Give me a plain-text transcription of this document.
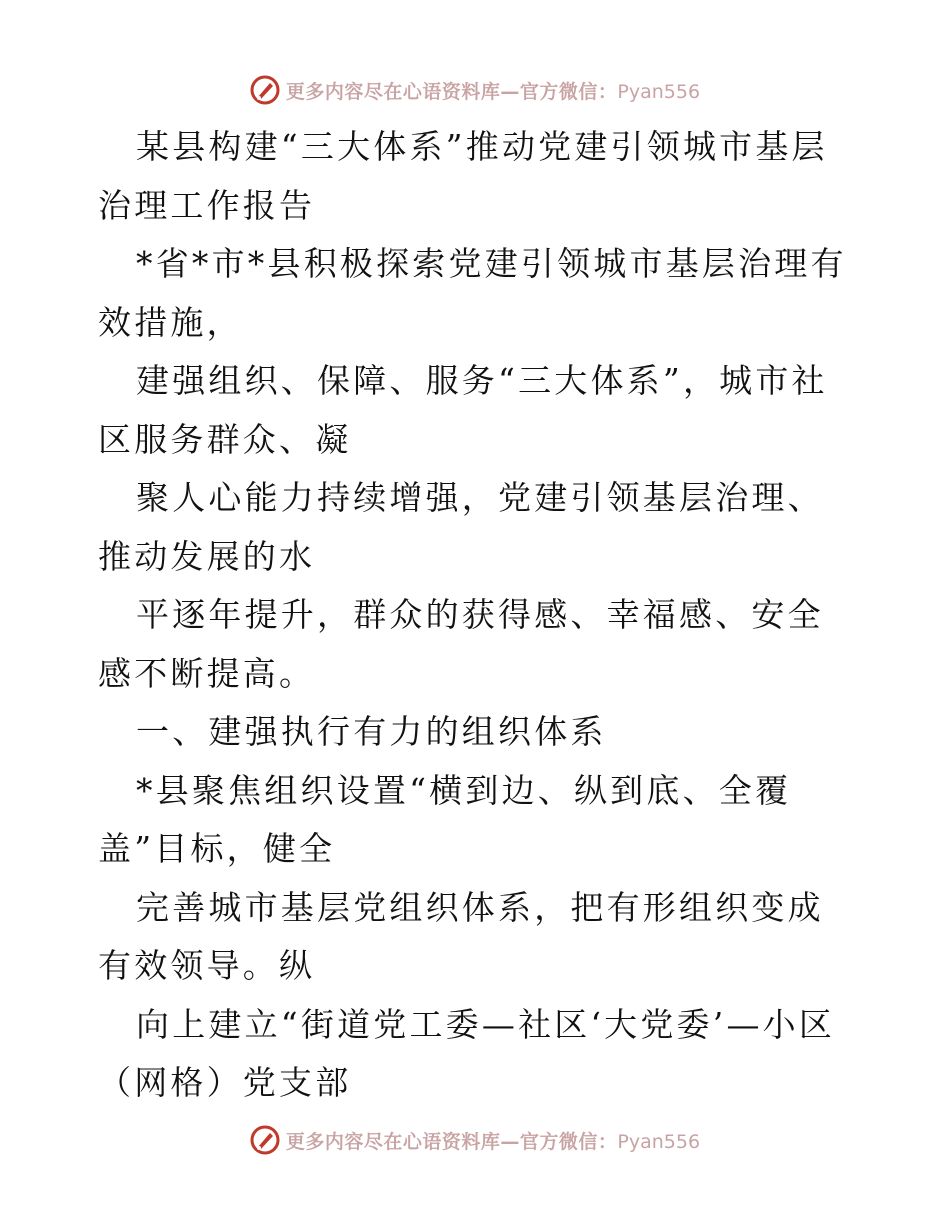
更多内容尽在心语资料库—官方微信：Pyan556

某县构建“三大体系”推动党建引领城市基层治理工作报告

*省*市*县积极探索党建引领城市基层治理有效措施，

建强组织、保障、服务“三大体系”，城市社区服务群众、凝

聚人心能力持续增强，党建引领基层治理、推动发展的水

平逐年提升，群众的获得感、幸福感、安全感不断提高。

一、建强执行有力的组织体系

*县聚焦组织设置“横到边、纵到底、全覆盖”目标，健全

完善城市基层党组织体系，把有形组织变成有效领导。纵

向上建立“街道党工委—社区‘大党委’—小区（网格）党支部

更多内容尽在心语资料库—官方微信：Pyan556
